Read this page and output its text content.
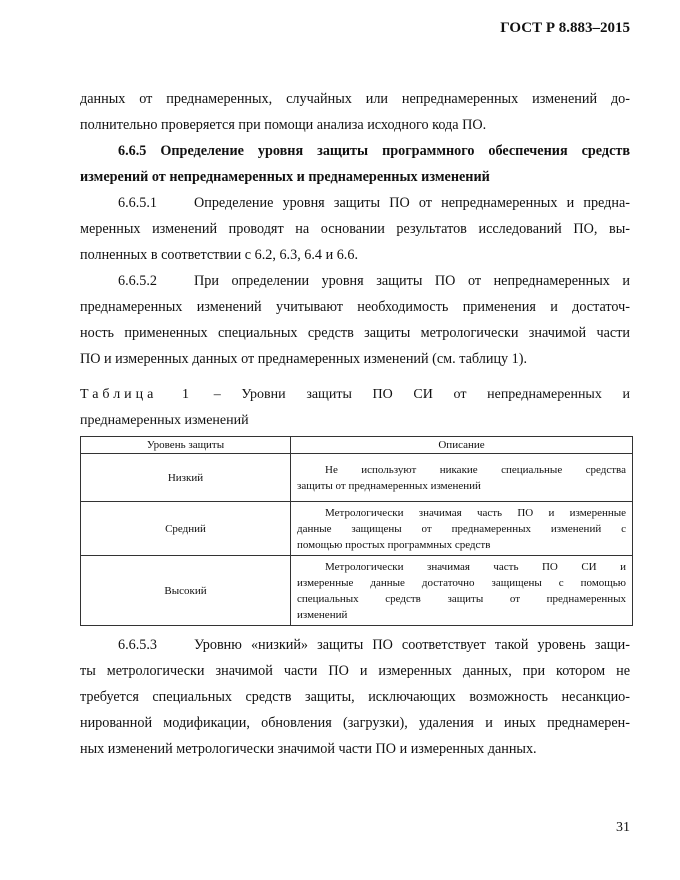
ГОСТ Р 8.883–2015
данных от преднамеренных, случайных или непреднамеренных изменений до-
полнительно проверяется при помощи анализа исходного кода ПО.
6.6.5 Определение уровня защиты программного обеспечения средств
измерений от непреднамеренных и преднамеренных изменений
6.6.5.1	Определение уровня защиты ПО от непреднамеренных и предна-
меренных изменений проводят на основании результатов исследований ПО, вы-
полненных в соответствии с 6.2, 6.3, 6.4 и 6.6.
6.6.5.2	При определении уровня защиты ПО от непреднамеренных и
преднамеренных изменений учитывают необходимость применения и достаточ-
ность примененных специальных средств защиты метрологически значимой части
ПО и измеренных данных от преднамеренных изменений (см. таблицу 1).
Таблица 1 – Уровни защиты ПО СИ от непреднамеренных и
преднамеренных изменений
Уровень защиты	Описание
Низкий	Не используют никакие специальные средства
защиты от преднамеренных изменений

Средний	Метрологически значимая часть ПО и измеренные
данные защищены от преднамеренных изменений с
помощью простых программных средств

Высокий	Метрологически значимая часть ПО СИ и
измеренные данные достаточно защищены с помощью
специальных средств защиты от преднамеренных
изменений
6.6.5.3	Уровню «низкий» защиты ПО соответствует такой уровень защи-
ты метрологически значимой части ПО и измеренных данных, при котором не
требуется специальных средств защиты, исключающих возможность несанкцио-
нированной модификации, обновления (загрузки), удаления и иных преднамерен-
ных изменений метрологически значимой части ПО и измеренных данных.
31
